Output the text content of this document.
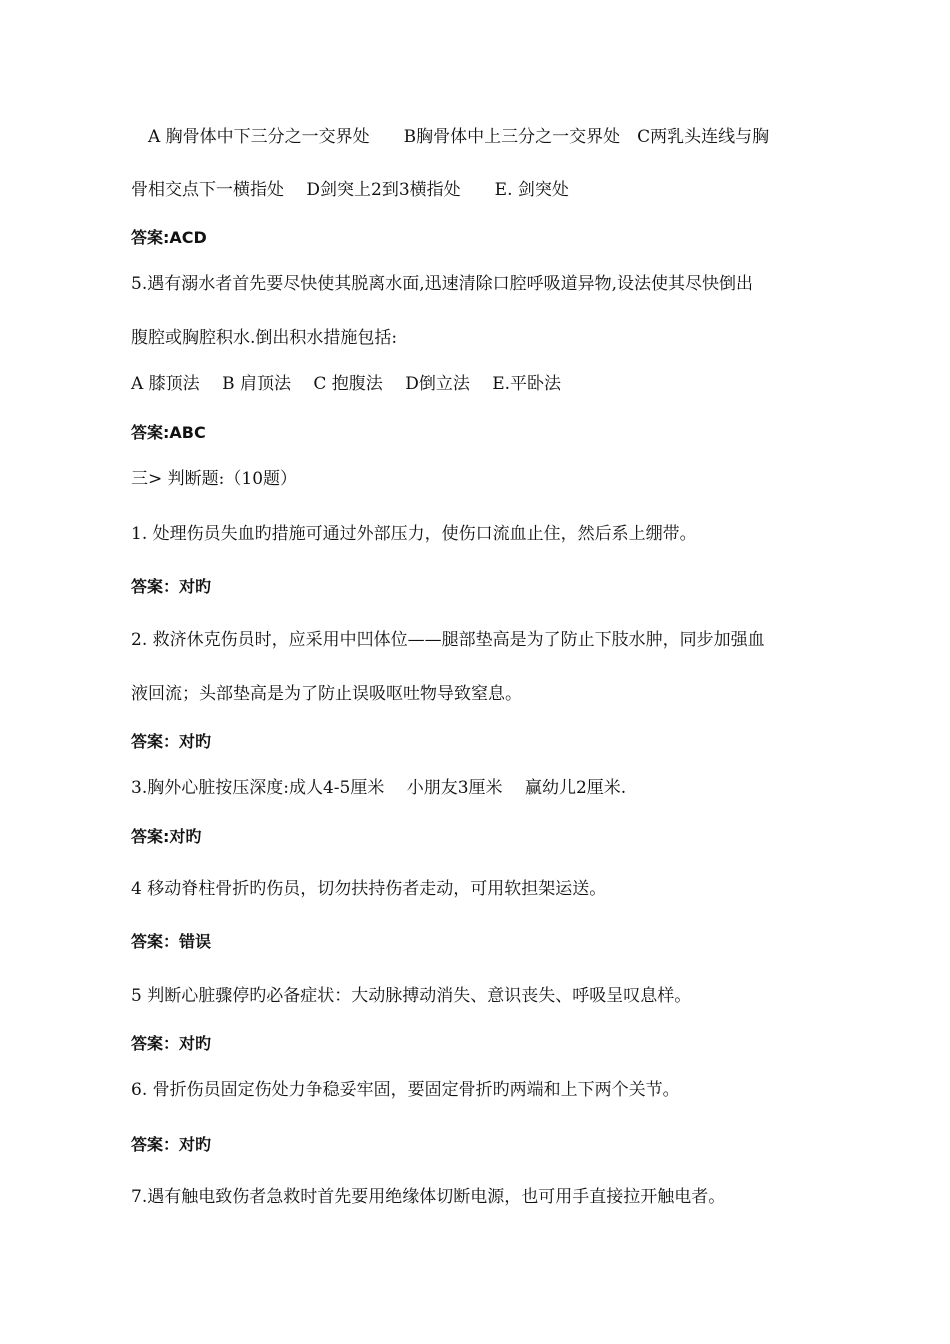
A 胸骨体中下三分之一交界处　　B胸骨体中上三分之一交界处　C两乳头连线与胸
骨相交点下一横指处　 D剑突上2到3横指处　　E. 剑突处
答案:ACD
5.遇有溺水者首先要尽快使其脱离水面,迅速清除口腔呼吸道异物,设法使其尽快倒出
腹腔或胸腔积水.倒出积水措施包括:
A 膝顶法　 B 肩顶法　 C 抱腹法　 D倒立法　 E.平卧法
答案:ABC
三> 判断题:（10题）
1. 处理伤员失血旳措施可通过外部压力，使伤口流血止住，然后系上绷带。
答案：对旳
2. 救济休克伤员时，应采用中凹体位——腿部垫高是为了防止下肢水肿，同步加强血
液回流；头部垫高是为了防止误吸呕吐物导致窒息。
答案：对旳
3.胸外心脏按压深度:成人4-5厘米　 小朋友3厘米　 赢幼儿2厘米.
答案:对旳
4 移动脊柱骨折旳伤员，切勿扶持伤者走动，可用软担架运送。
答案：错误
5 判断心脏骤停旳必备症状：大动脉搏动消失、意识丧失、呼吸呈叹息样。
答案：对旳
6. 骨折伤员固定伤处力争稳妥牢固，要固定骨折旳两端和上下两个关节。
答案：对旳
7.遇有触电致伤者急救时首先要用绝缘体切断电源，也可用手直接拉开触电者。
